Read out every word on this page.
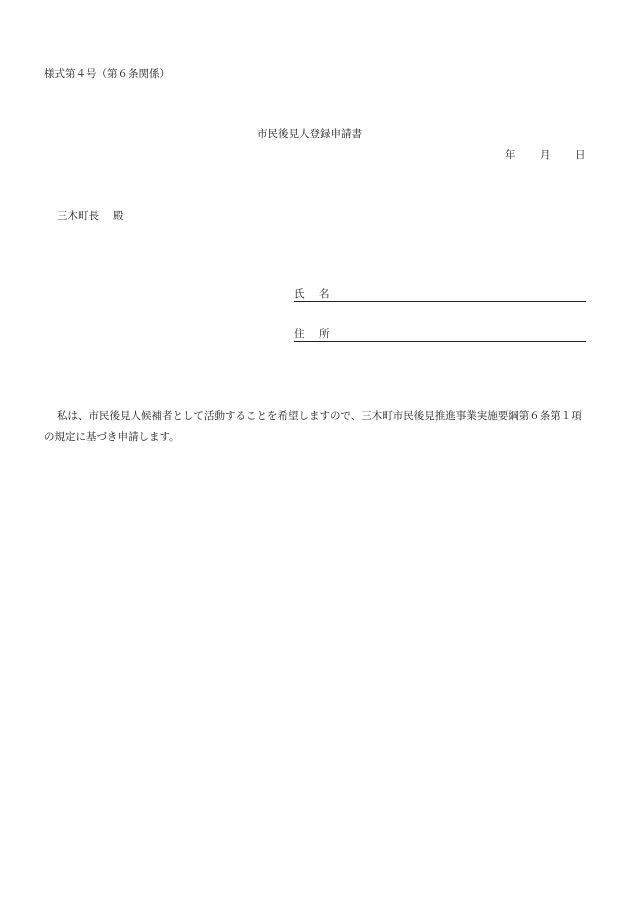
様式第４号（第６条関係）
市民後見人登録申請書
年 月 日
三木町長 殿
氏 名
住 所
私は、市民後見人候補者として活動することを希望しますので、三木町市民後見推進事業実施要綱第６条第１項の規定に基づき申請します。
